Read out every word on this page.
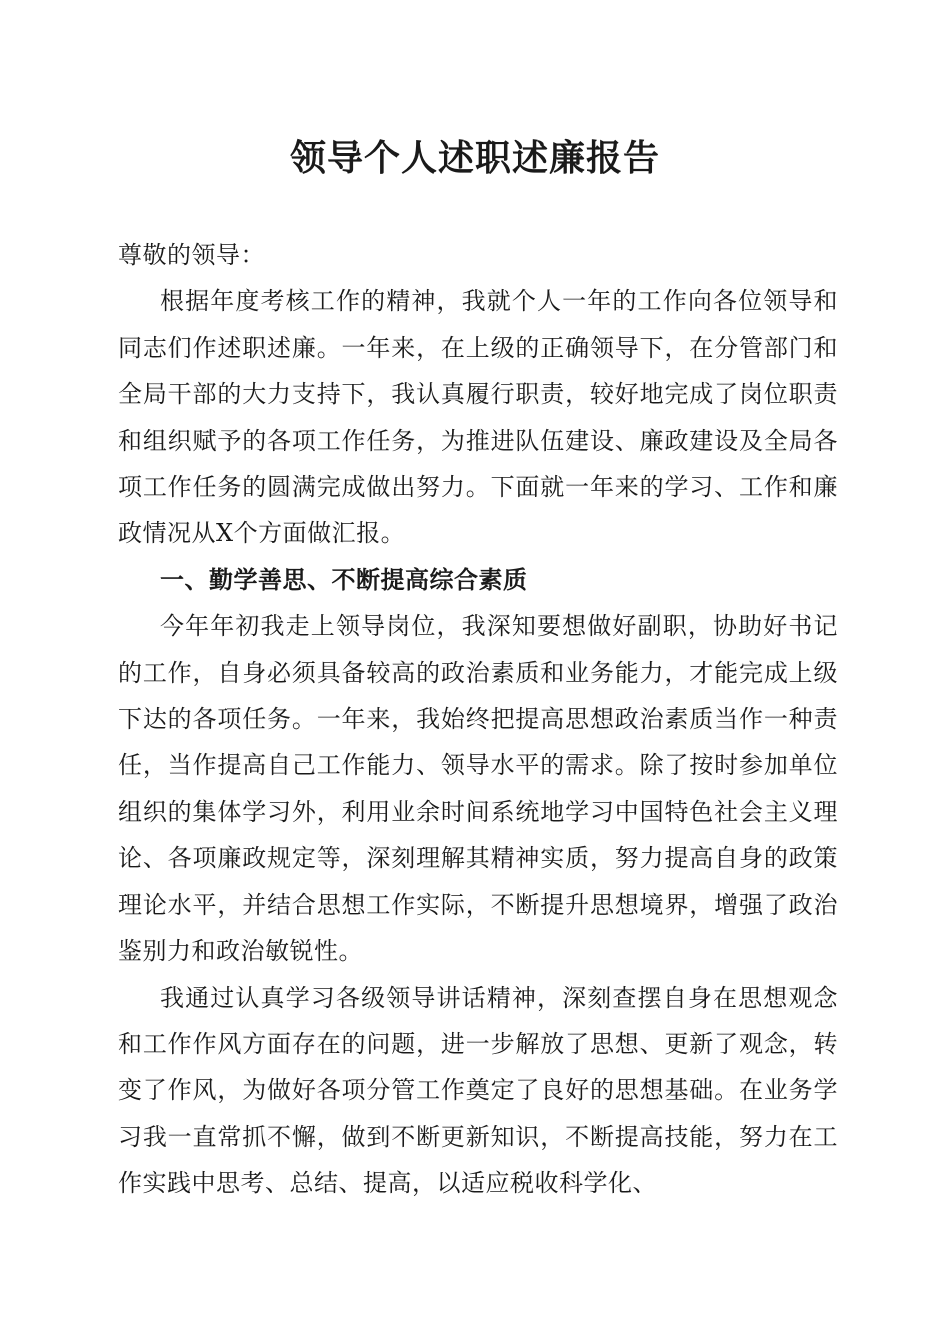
领导个人述职述廉报告

尊敬的领导：

根据年度考核工作的精神，我就个人一年的工作向各位领导和同志们作述职述廉。一年来，在上级的正确领导下，在分管部门和全局干部的大力支持下，我认真履行职责，较好地完成了岗位职责和组织赋予的各项工作任务，为推进队伍建设、廉政建设及全局各项工作任务的圆满完成做出努力。下面就一年来的学习、工作和廉政情况从X个方面做汇报。

一、勤学善思、不断提高综合素质

今年年初我走上领导岗位，我深知要想做好副职，协助好书记的工作，自身必须具备较高的政治素质和业务能力，才能完成上级下达的各项任务。一年来，我始终把提高思想政治素质当作一种责任，当作提高自己工作能力、领导水平的需求。除了按时参加单位组织的集体学习外，利用业余时间系统地学习中国特色社会主义理论、各项廉政规定等，深刻理解其精神实质，努力提高自身的政策理论水平，并结合思想工作实际，不断提升思想境界，增强了政治鉴别力和政治敏锐性。

我通过认真学习各级领导讲话精神，深刻查摆自身在思想观念和工作作风方面存在的问题，进一步解放了思想、更新了观念，转变了作风，为做好各项分管工作奠定了良好的思想基础。在业务学习我一直常抓不懈，做到不断更新知识，不断提高技能，努力在工作实践中思考、总结、提高，以适应税收科学化、
